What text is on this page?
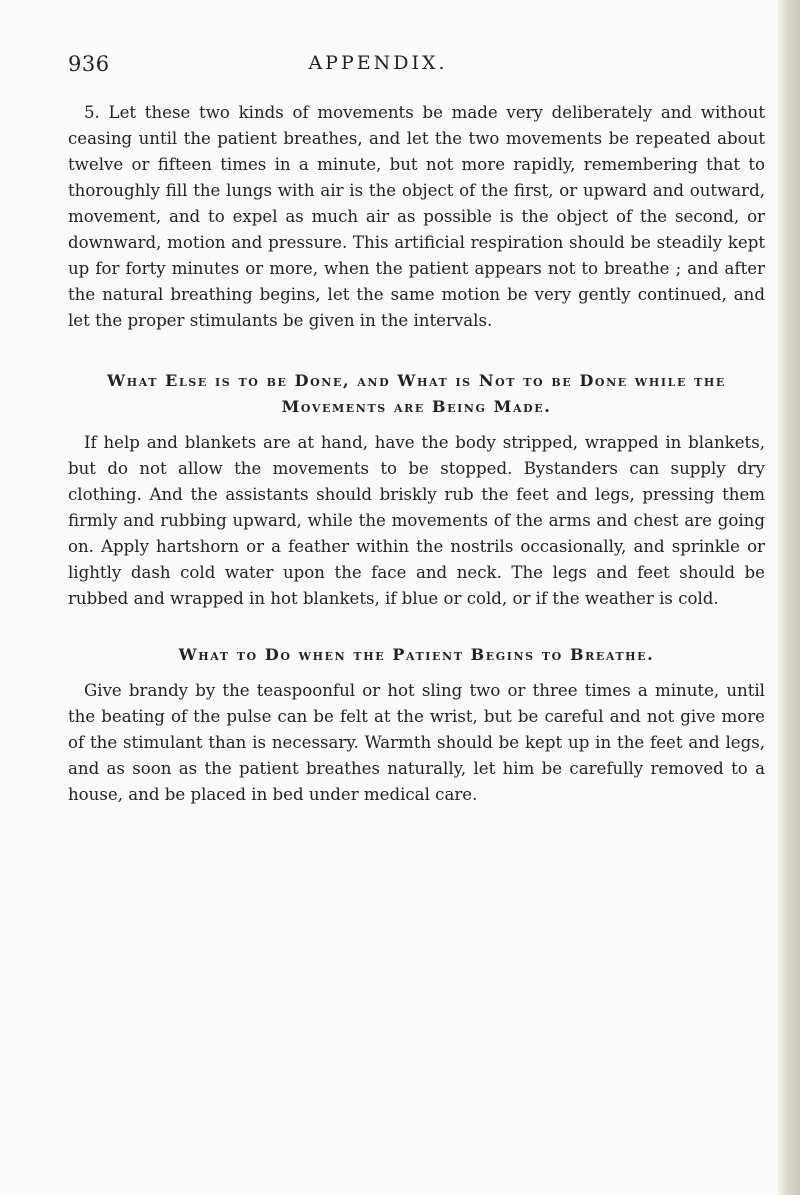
936	APPENDIX.

5. Let these two kinds of movements be made very deliberately and without ceasing until the patient breathes, and let the two movements be repeated about twelve or fifteen times in a minute, but not more rapidly, remembering that to thoroughly fill the lungs with air is the object of the first, or upward and outward, movement, and to expel as much air as possible is the object of the second, or downward, motion and pressure. This artificial respiration should be steadily kept up for forty minutes or more, when the patient appears not to breathe ; and after the natural breathing begins, let the same motion be very gently continued, and let the proper stimulants be given in the intervals.

What Else is to be Done, and What is Not to be Done while the Movements are Being Made.

If help and blankets are at hand, have the body stripped, wrapped in blankets, but do not allow the movements to be stopped. Bystanders can supply dry clothing. And the assistants should briskly rub the feet and legs, pressing them firmly and rubbing upward, while the movements of the arms and chest are going on. Apply hartshorn or a feather within the nostrils occasionally, and sprinkle or lightly dash cold water upon the face and neck. The legs and feet should be rubbed and wrapped in hot blankets, if blue or cold, or if the weather is cold.

What to Do when the Patient Begins to Breathe.

Give brandy by the teaspoonful or hot sling two or three times a minute, until the beating of the pulse can be felt at the wrist, but be careful and not give more of the stimulant than is necessary. Warmth should be kept up in the feet and legs, and as soon as the patient breathes naturally, let him be carefully removed to a house, and be placed in bed under medical care.
